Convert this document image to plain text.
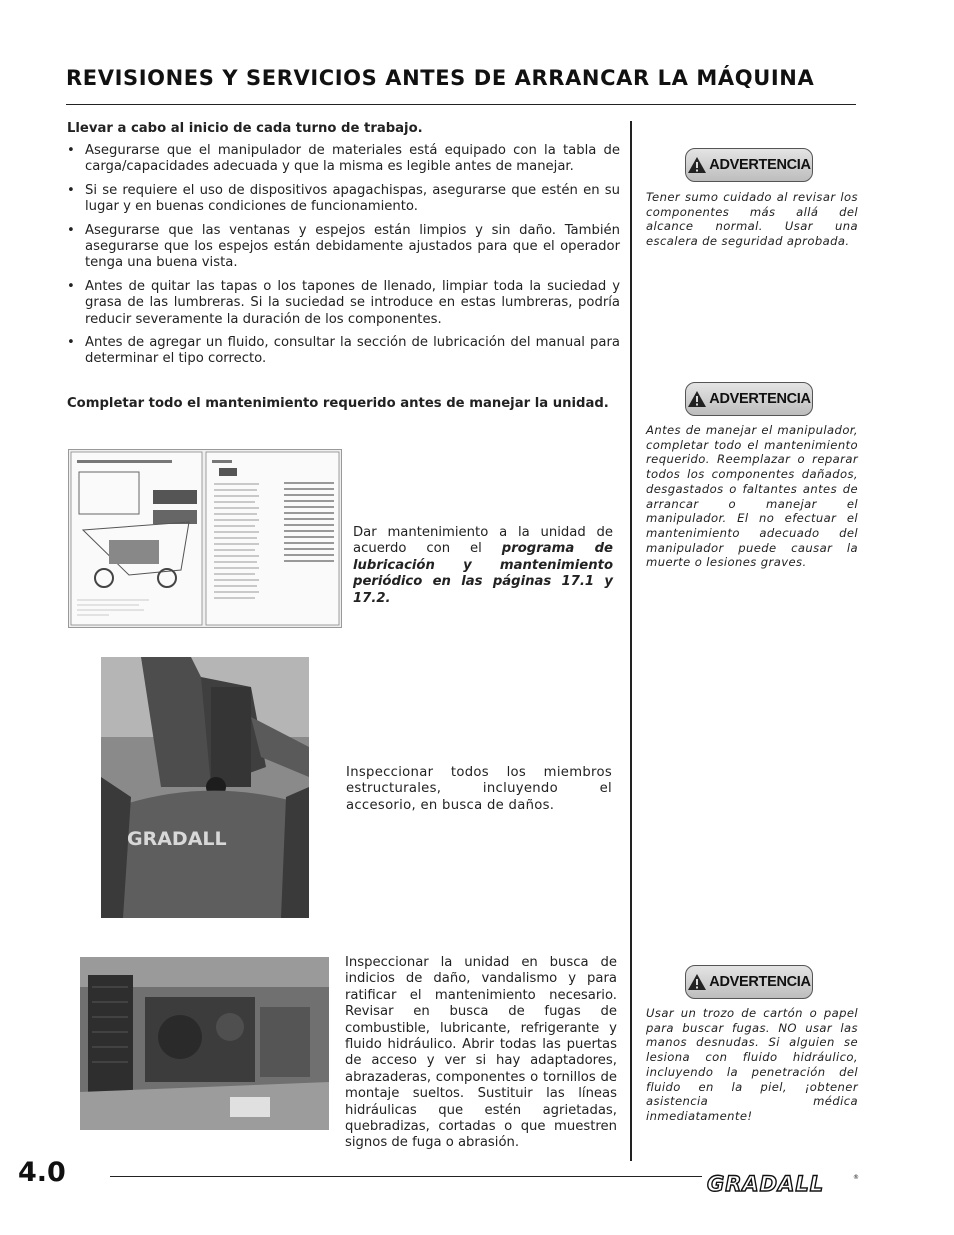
REVISIONES Y SERVICIOS ANTES DE ARRANCAR LA MÁQUINA
Llevar a cabo al inicio de cada turno de trabajo.
• Asegurarse que el manipulador de materiales está equipado con la tabla de carga/capacidades adecuada y que la misma es legible antes de manejar.
• Si se requiere el uso de dispositivos apagachispas, asegurarse que estén en su lugar y en buenas condiciones de funcionamiento.
• Asegurarse que las ventanas y espejos están limpios y sin daño. También asegurarse que los espejos están debidamente ajustados para que el operador tenga una buena vista.
• Antes de quitar las tapas o los tapones de llenado, limpiar toda la suciedad y grasa de las lumbreras. Si la suciedad se introduce en estas lumbreras, podría reducir severamente la duración de los componentes.
• Antes de agregar un fluido, consultar la sección de lubricación del manual para determinar el tipo correcto.
Completar todo el mantenimiento requerido antes de manejar la unidad.
Dar mantenimiento a la unidad de acuerdo con el programa de lubricación y mantenimiento periódico en las páginas 17.1 y 17.2.
GRADALL
Inspeccionar todos los miembros estructurales, incluyendo el accesorio, en busca de daños.
Inspeccionar la unidad en busca de indicios de daño, vandalismo y para ratificar el mantenimiento necesario. Revisar en busca de fugas de combustible, lubricante, refrigerante y fluido hidráulico. Abrir todas las puertas de acceso y ver si hay adaptadores, abrazaderas, componentes o tornillos de montaje sueltos. Sustituir las líneas hidráulicas que estén agrietadas, quebradizas, cortadas o que muestren signos de fuga o abrasión.
ADVERTENCIA
Tener sumo cuidado al revisar los componentes más allá del alcance normal. Usar una escalera de seguridad aprobada.
ADVERTENCIA
Antes de manejar el manipulador, completar todo el mantenimiento requerido. Reemplazar o reparar todos los componentes dañados, desgastados o faltantes antes de arrancar o manejar el manipulador. El no efectuar el mantenimiento adecuado del manipulador puede causar la muerte o lesiones graves.
ADVERTENCIA
Usar un trozo de cartón o papel para buscar fugas. NO usar las manos desnudas. Si alguien se lesiona con fluido hidráulico, incluyendo la penetración del fluido en la piel, ¡obtener asistencia médica inmediatamente!
4.0	GRADALL	®
